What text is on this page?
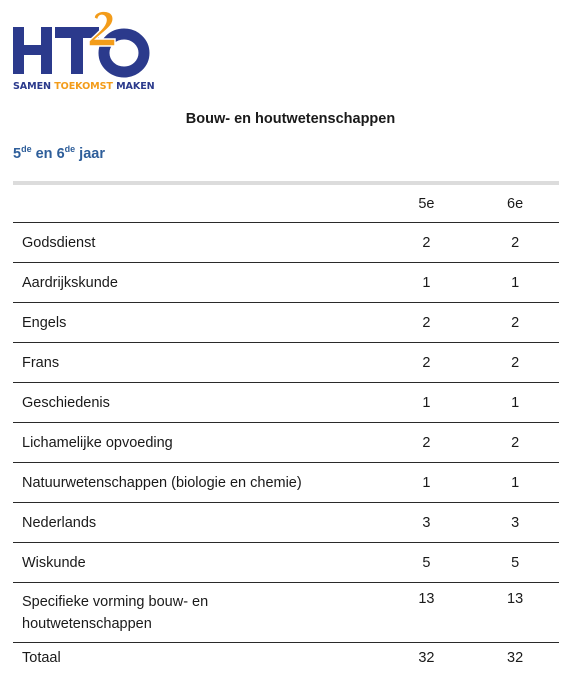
SAMEN TOEKOMST MAKEN
Bouw- en houtwetenschappen
5de en 6de jaar
	5e	6e
Godsdienst	2	2
Aardrijkskunde	1	1
Engels	2	2
Frans	2	2
Geschiedenis	1	1
Lichamelijke opvoeding	2	2
Natuurwetenschappen (biologie en chemie)	1	1
Nederlands	3	3
Wiskunde	5	5

Specifieke vorming bouw- en houtwetenschappen	13	13
Totaal	32	32
